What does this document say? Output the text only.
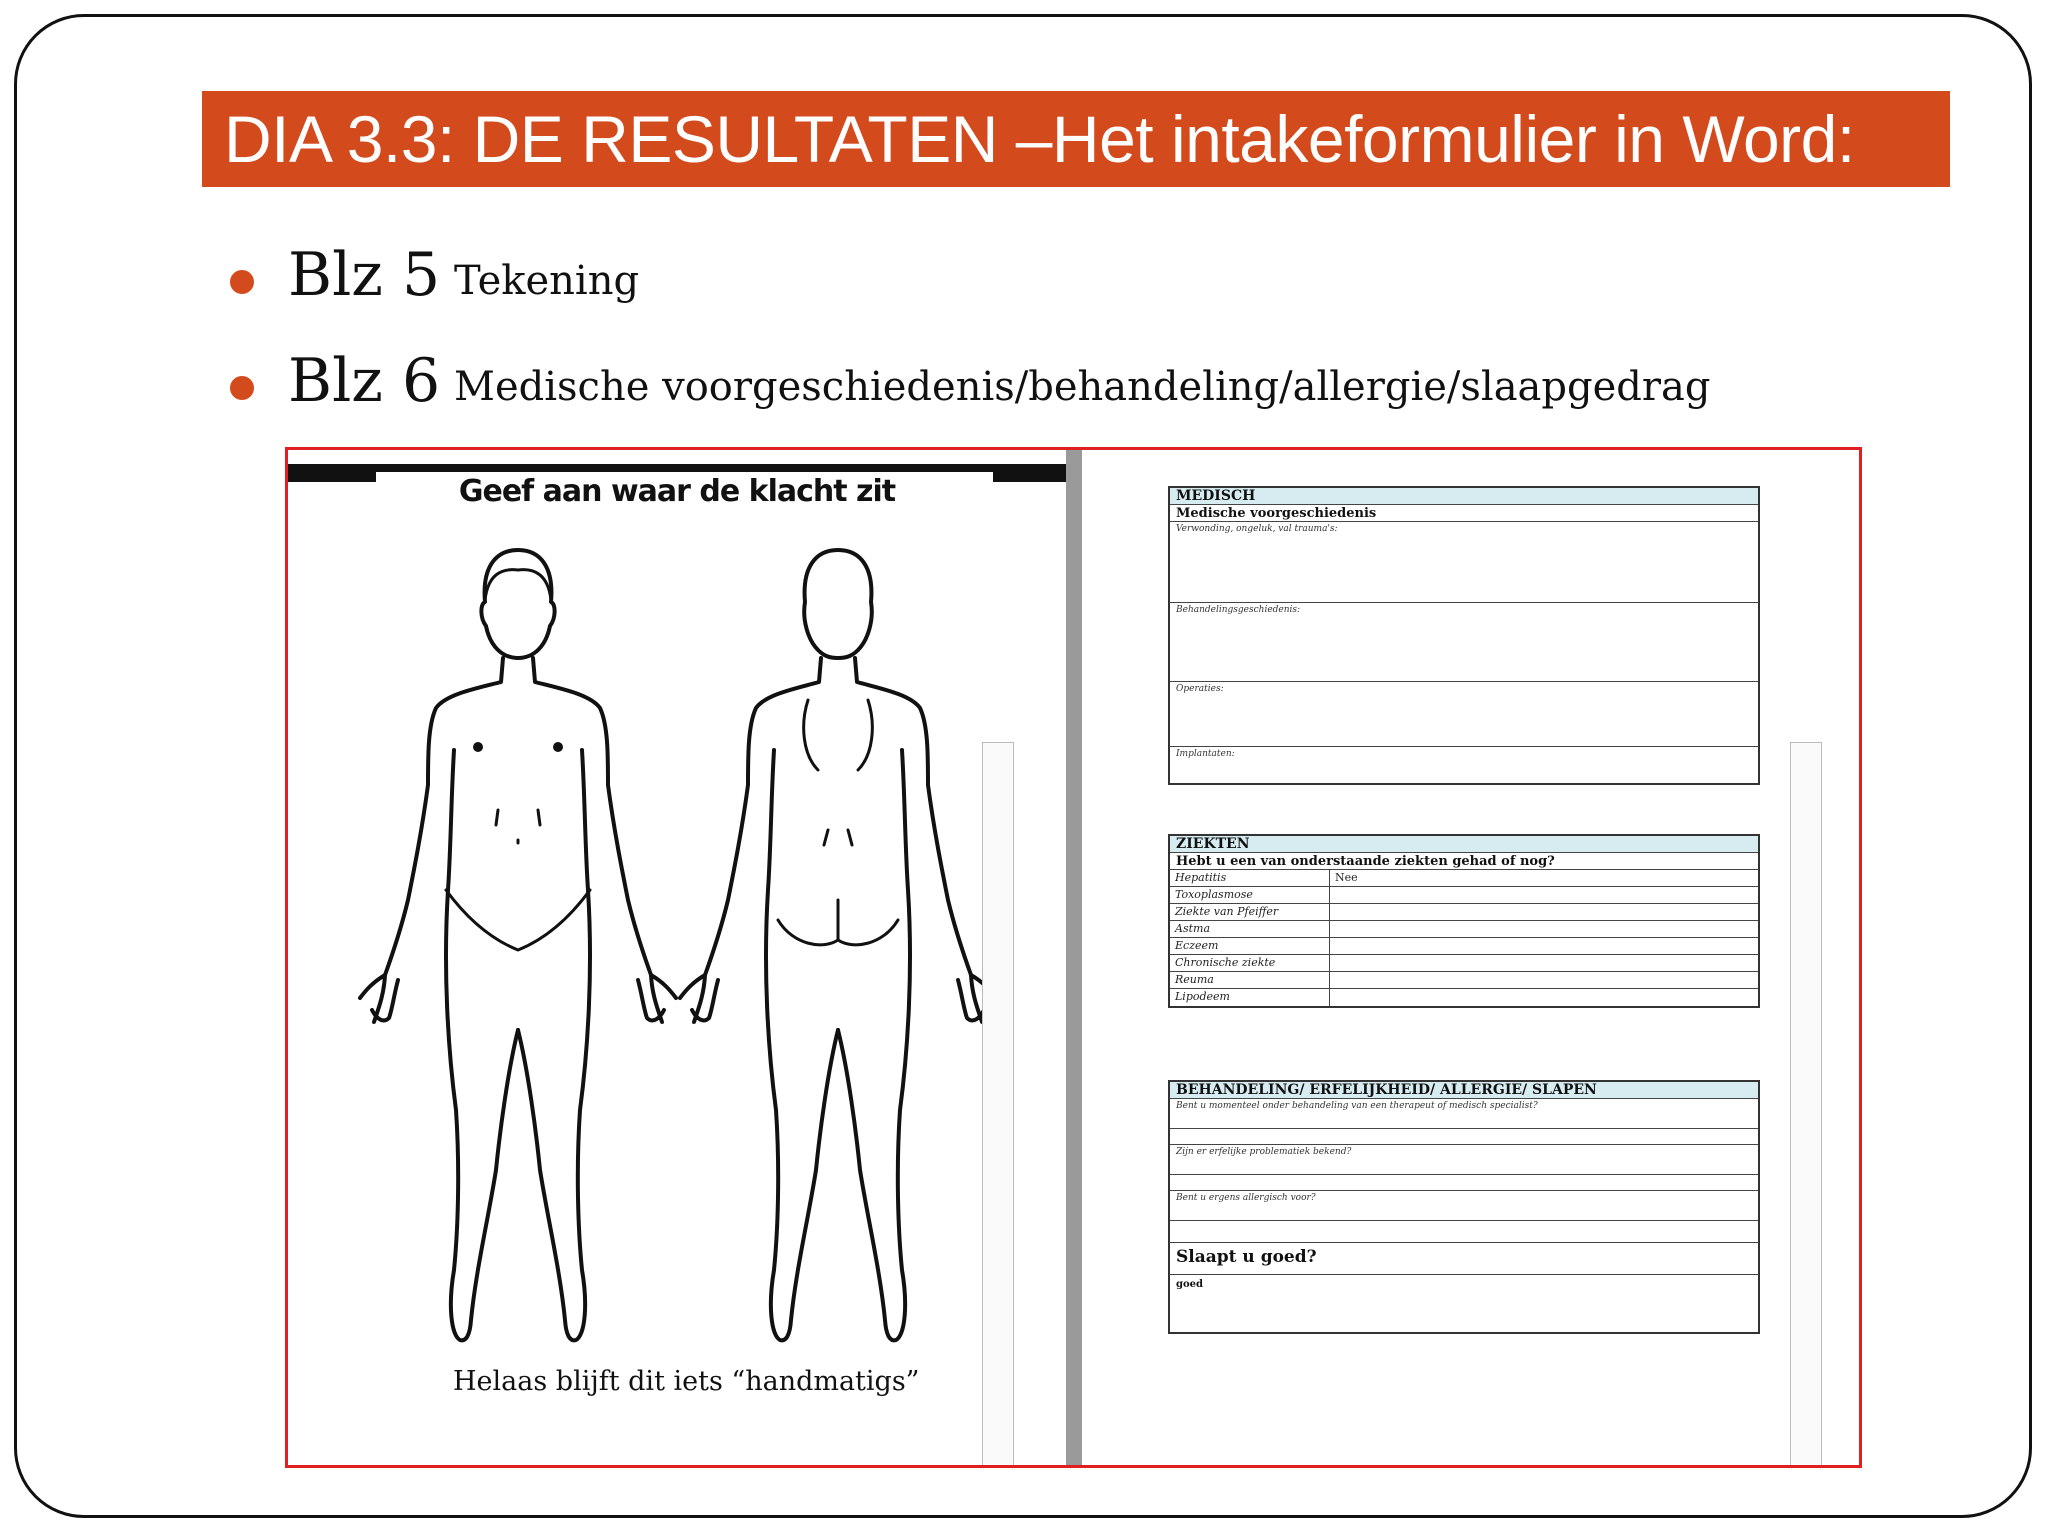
DIA 3.3: DE RESULTATEN –Het intakeformulier in Word:
Blz 5 Tekening
Blz 6 Medische voorgeschiedenis/behandeling/allergie/slaapgedrag
Geef aan waar de klacht zit
Helaas blijft dit iets “handmatigs”
MEDISCH
Medische voorgeschiedenis
Verwonding, ongeluk, val trauma's:
Behandelingsgeschiedenis:
Operaties:
Implantaten:
ZIEKTEN
Hebt u een van onderstaande ziekten gehad of nog?
Hepatitis	Nee
Toxoplasmose
Ziekte van Pfeiffer
Astma
Eczeem
Chronische ziekte
Reuma
Lipodeem
BEHANDELING/ ERFELIJKHEID/ ALLERGIE/ SLAPEN
Bent u momenteel onder behandeling van een therapeut of medisch specialist?
Zijn er erfelijke problematiek bekend?
Bent u ergens allergisch voor?
Slaapt u goed?
goed
